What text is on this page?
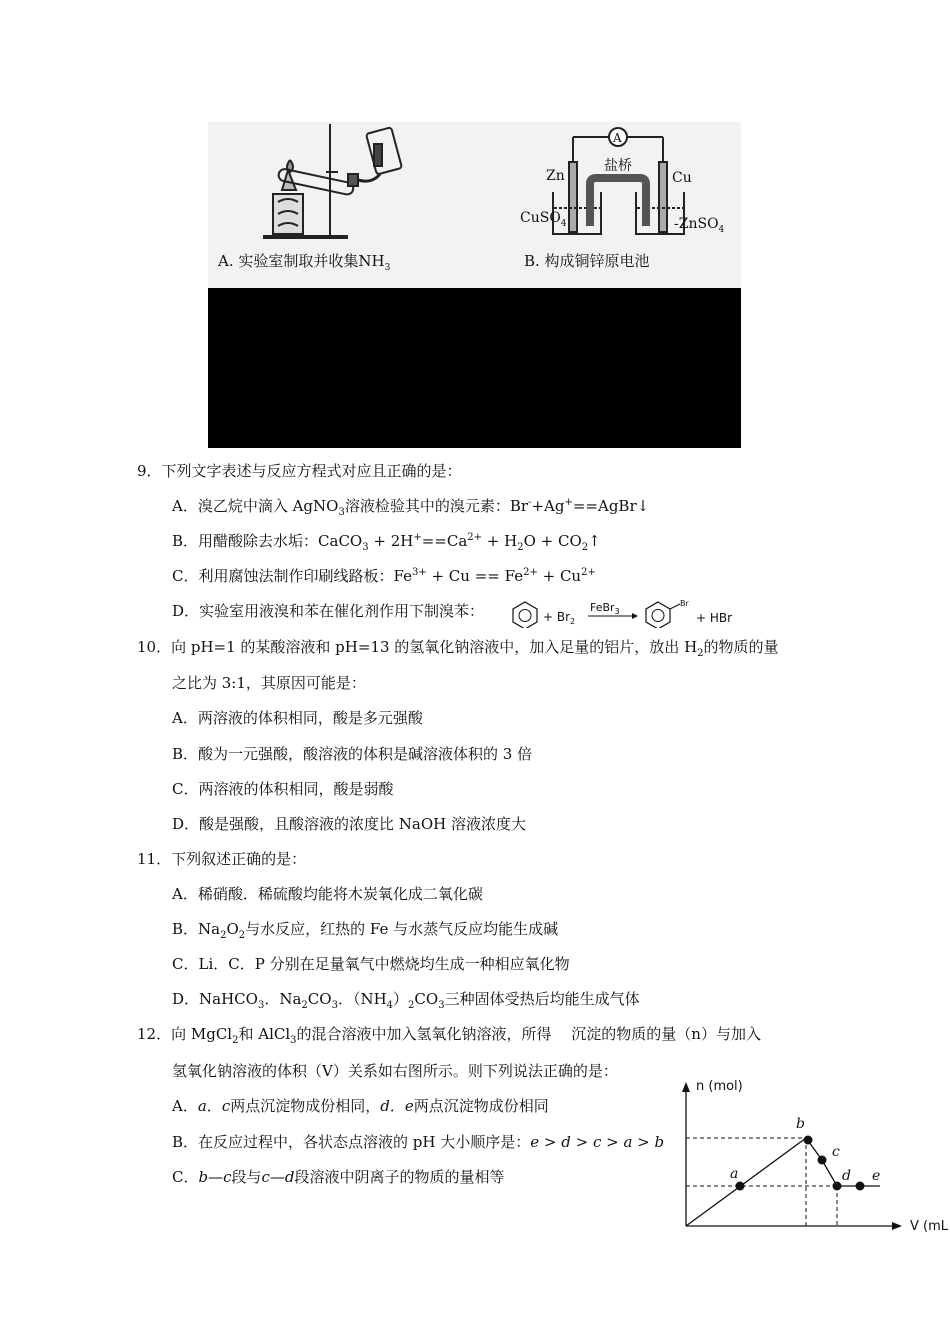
A
盐桥
Zn	Cu
CuSO$_4$	-ZnSO$_4$
A. 实验室制取并收集$NH_3$	B. 构成铜锌原电池
9．下列文字表述与反应方程式对应且正确的是：
A．溴乙烷中滴入 AgNO$_3$溶液检验其中的溴元素：Br-+Ag+==AgBr↓
B．用醋酸除去水垢：CaCO$_3$ + $2H^+==Ca^{2+} + H_2O$ + $CO_2↑$
C．利用腐蚀法制作印刷线路板：$Fe^{3+} + Cu == Fe^{2+} + Cu^{2+}$
D．实验室用液溴和苯在催化剂作用下制溴苯：	+ $Br_2$
FeBr$_3$
Br
+ HBr
10．向 pH=1 的某酸溶液和 pH=13 的氢氧化钠溶液中，加入足量的铝片，放出 $H_2$的物质的量
之比为 3:1，其原因可能是：
A．两溶液的体积相同，酸是多元强酸
B．酸为一元强酸，酸溶液的体积是碱溶液体积的 3 倍
C．两溶液的体积相同，酸是弱酸
D．酸是强酸，且酸溶液的浓度比 NaOH 溶液浓度大
11．下列叙述正确的是：
A．稀硝酸．稀硫酸均能将木炭氧化成二氧化碳
B．$Na_2O_2$与水反应，红热的 Fe 与水蒸气反应均能生成碱
C．Li．C．P 分别在足量氧气中燃烧均生成一种相应氧化物
D．NaHCO$_3$．$Na_2CO_3$．$(NH_4)_2CO_3$三种固体受热后均能生成气体
12．向 MgCl$_2$和 AlCl$_3$的混合溶液中加入氢氧化钠溶液，所得　 沉淀的物质的量（n）与加入
氢氧化钠溶液的体积（V）关系如右图所示。则下列说法正确的是：
A．a．c两点沉淀物成份相同，d．e两点沉淀物成份相同
B．在反应过程中，各状态点溶液的 pH 大小顺序是：e > d > c > a > b
C．b—c段与c—d段溶液中阴离子的物质的量相等
n (mol)
V (mL
a
b
c
d e
